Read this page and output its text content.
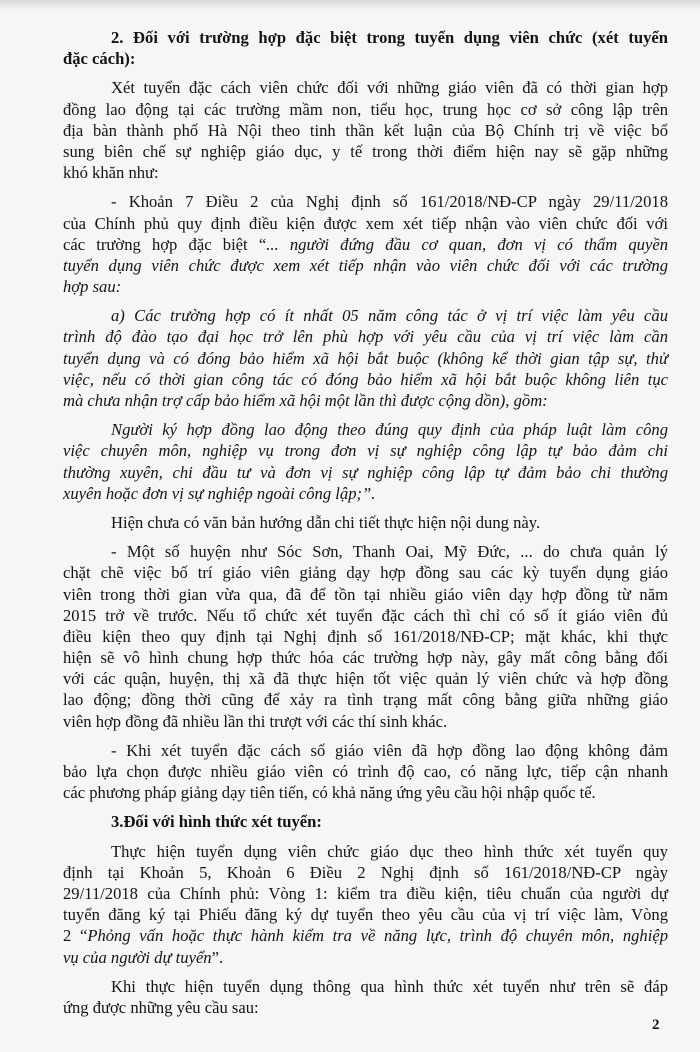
2. Đối với trường hợp đặc biệt trong tuyển dụng viên chức (xét tuyển
đặc cách):
Xét tuyển đặc cách viên chức đối với những giáo viên đã có thời gian hợp
đồng lao động tại các trường mầm non, tiểu học, trung học cơ sở công lập trên
địa bàn thành phố Hà Nội theo tinh thần kết luận của Bộ Chính trị về việc bổ
sung biên chế sự nghiệp giáo dục, y tế trong thời điểm hiện nay sẽ gặp những
khó khăn như:
- Khoản 7 Điều 2 của Nghị định số 161/2018/NĐ-CP ngày 29/11/2018
của Chính phủ quy định điều kiện được xem xét tiếp nhận vào viên chức đối với
các trường hợp đặc biệt “... người đứng đầu cơ quan, đơn vị có thẩm quyền
tuyển dụng viên chức được xem xét tiếp nhận vào viên chức đối với các trường
hợp sau:
a) Các trường hợp có ít nhất 05 năm công tác ở vị trí việc làm yêu cầu
trình độ đào tạo đại học trở lên phù hợp với yêu cầu của vị trí việc làm cần
tuyển dụng và có đóng bảo hiểm xã hội bắt buộc (không kể thời gian tập sự, thử
việc, nếu có thời gian công tác có đóng bảo hiểm xã hội bắt buộc không liên tục
mà chưa nhận trợ cấp bảo hiểm xã hội một lần thì được cộng dồn), gồm:
Người ký hợp đồng lao động theo đúng quy định của pháp luật làm công
việc chuyên môn, nghiệp vụ trong đơn vị sự nghiệp công lập tự bảo đảm chi
thường xuyên, chi đầu tư và đơn vị sự nghiệp công lập tự đảm bảo chi thường
xuyên hoặc đơn vị sự nghiệp ngoài công lập;”.
Hiện chưa có văn bản hướng dẫn chi tiết thực hiện nội dung này.
- Một số huyện như Sóc Sơn, Thanh Oai, Mỹ Đức, ... do chưa quản lý
chặt chẽ việc bố trí giáo viên giảng dạy hợp đồng sau các kỳ tuyển dụng giáo
viên trong thời gian vừa qua, đã để tồn tại nhiều giáo viên dạy hợp đồng từ năm
2015 trở về trước. Nếu tổ chức xét tuyển đặc cách thì chỉ có số ít giáo viên đủ
điều kiện theo quy định tại Nghị định số 161/2018/NĐ-CP; mặt khác, khi thực
hiện sẽ vô hình chung hợp thức hóa các trường hợp này, gây mất công bằng đối
với các quận, huyện, thị xã đã thực hiện tốt việc quản lý viên chức và hợp đồng
lao động; đồng thời cũng để xảy ra tình trạng mất công bằng giữa những giáo
viên hợp đồng đã nhiều lần thi trượt với các thí sinh khác.
- Khi xét tuyển đặc cách số giáo viên đã hợp đồng lao động không đảm
bảo lựa chọn được nhiều giáo viên có trình độ cao, có năng lực, tiếp cận nhanh
các phương pháp giảng dạy tiên tiến, có khả năng ứng yêu cầu hội nhập quốc tế.
3.Đối với hình thức xét tuyển:
Thực hiện tuyển dụng viên chức giáo dục theo hình thức xét tuyển quy
định tại Khoản 5, Khoản 6 Điều 2 Nghị định số 161/2018/NĐ-CP ngày
29/11/2018 của Chính phủ: Vòng 1: kiểm tra điều kiện, tiêu chuẩn của người dự
tuyển đăng ký tại Phiếu đăng ký dự tuyển theo yêu cầu của vị trí việc làm, Vòng
2 “Phỏng vấn hoặc thực hành kiểm tra về năng lực, trình độ chuyên môn, nghiệp
vụ của người dự tuyển”.
Khi thực hiện tuyển dụng thông qua hình thức xét tuyển như trên sẽ đáp
ứng được những yêu cầu sau:
2
